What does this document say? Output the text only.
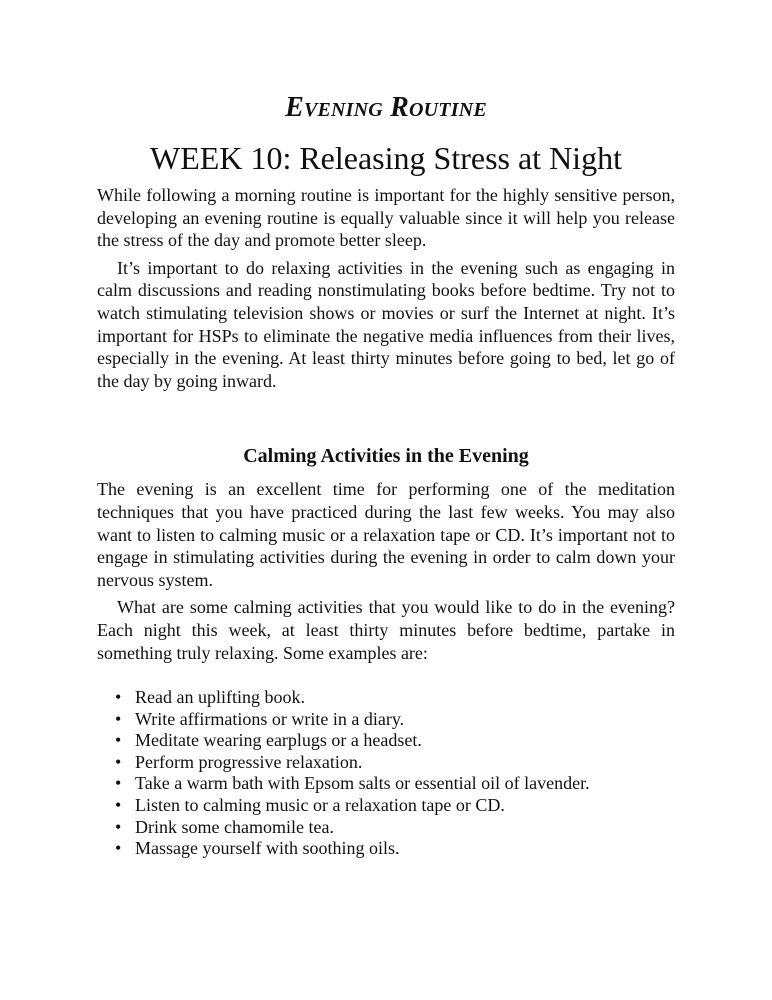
Evening Routine
WEEK 10: Releasing Stress at Night

While following a morning routine is important for the highly sensitive person, developing an evening routine is equally valuable since it will help you release the stress of the day and promote better sleep.

It’s important to do relaxing activities in the evening such as engaging in calm discussions and reading nonstimulating books before bedtime. Try not to watch stimulating television shows or movies or surf the Internet at night. It’s important for HSPs to eliminate the negative media influences from their lives, especially in the evening. At least thirty minutes before going to bed, let go of the day by going inward.

Calming Activities in the Evening

The evening is an excellent time for performing one of the meditation techniques that you have practiced during the last few weeks. You may also want to listen to calming music or a relaxation tape or CD. It’s important not to engage in stimulating activities during the evening in order to calm down your nervous system.

What are some calming activities that you would like to do in the evening? Each night this week, at least thirty minutes before bedtime, partake in something truly relaxing. Some examples are:

• Read an uplifting book.
• Write affirmations or write in a diary.
• Meditate wearing earplugs or a headset.
• Perform progressive relaxation.
• Take a warm bath with Epsom salts or essential oil of lavender.
• Listen to calming music or a relaxation tape or CD.
• Drink some chamomile tea.
• Massage yourself with soothing oils.
